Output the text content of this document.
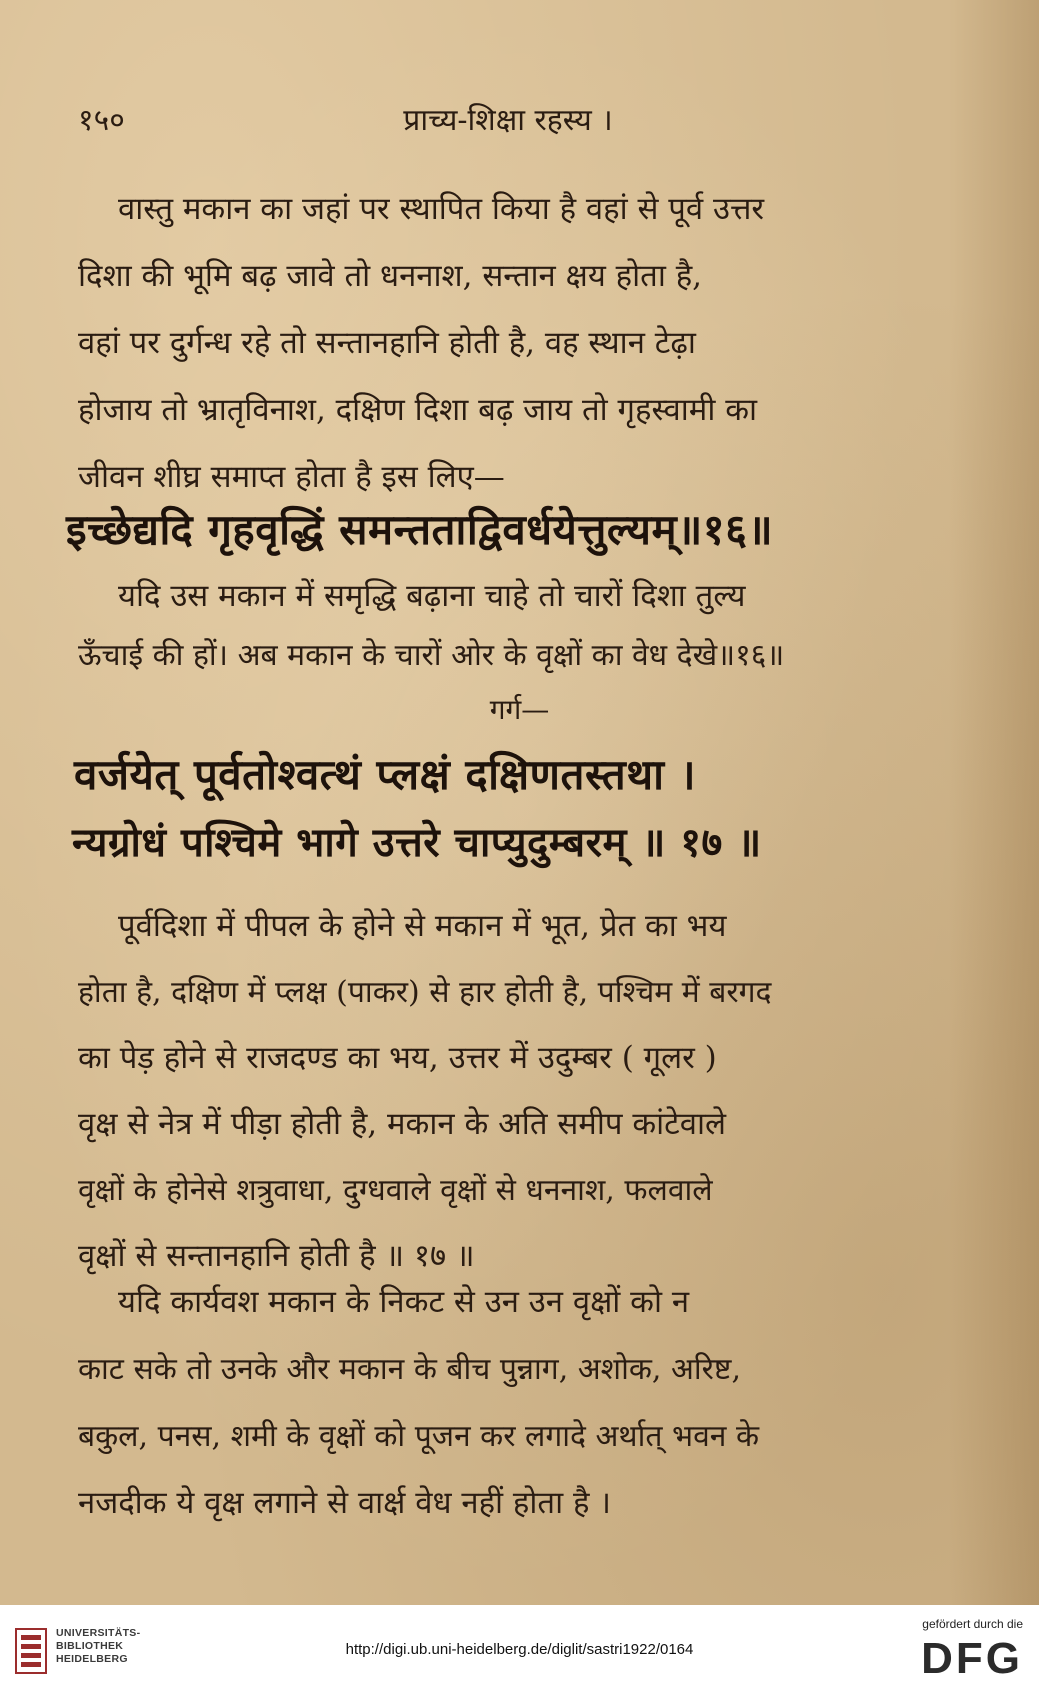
१५०	प्राच्य-शिक्षा रहस्य ।
वास्तु मकान का जहां पर स्थापित किया है वहां से पूर्व उत्तर
दिशा की भूमि बढ़ जावे तो धननाश, सन्तान क्षय होता है,
वहां पर दुर्गन्ध रहे तो सन्तानहानि होती है, वह स्थान टेढ़ा
होजाय तो भ्रातृविनाश, दक्षिण दिशा बढ़ जाय तो गृहस्वामी का
जीवन शीघ्र समाप्त होता है इस लिए—
इच्छेद्यदि गृहवृद्धिं समन्तताद्विवर्धयेत्तुल्यम्॥१६॥
यदि उस मकान में समृद्धि बढ़ाना चाहे तो चारों दिशा तुल्य
ऊँचाई की हों। अब मकान के चारों ओर के वृक्षों का वेध देखे॥१६॥
गर्ग—
वर्जयेत् पूर्वतोश्वत्थं प्लक्षं दक्षिणतस्तथा ।
न्यग्रोधं पश्चिमे भागे उत्तरे चाप्युदुम्बरम् ॥ १७ ॥
पूर्वदिशा में पीपल के होने से मकान में भूत, प्रेत का भय
होता है, दक्षिण में प्लक्ष (पाकर) से हार होती है, पश्चिम में बरगद
का पेड़ होने से राजदण्ड का भय, उत्तर में उदुम्बर ( गूलर )
वृक्ष से नेत्र में पीड़ा होती है, मकान के अति समीप कांटेवाले
वृक्षों के होनेसे शत्रुवाधा, दुग्धवाले वृक्षों से धननाश, फलवाले
वृक्षों से सन्तानहानि होती है ॥ १७ ॥
यदि कार्यवश मकान के निकट से उन उन वृक्षों को न
काट सके तो उनके और मकान के बीच पुन्नाग, अशोक, अरिष्ट,
बकुल, पनस, शमी के वृक्षों को पूजन कर लगादे अर्थात् भवन के
नजदीक ये वृक्ष लगाने से वार्क्ष वेध नहीं होता है ।
UNIVERSITÄTS-
BIBLIOTHEK
HEIDELBERG
http://digi.ub.uni-heidelberg.de/diglit/sastri1922/0164
gefördert durch die
DFG
